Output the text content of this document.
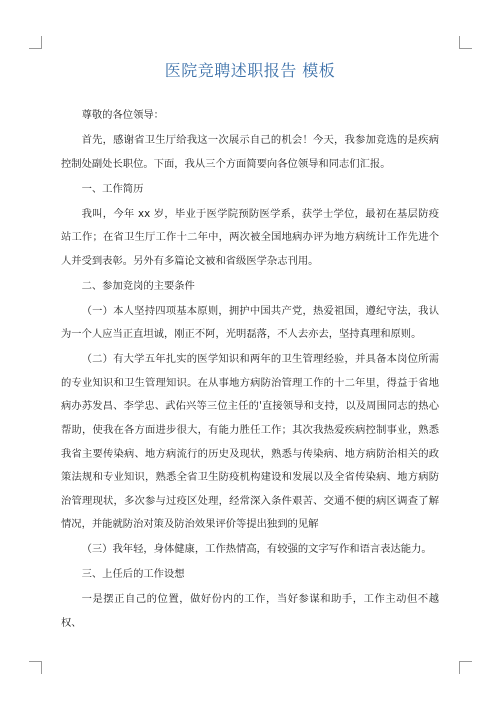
医院竞聘述职报告 模板

尊敬的各位领导：

首先，感谢省卫生厅给我这一次展示自己的机会！今天，我参加竞选的是疾病控制处副处长职位。下面，我从三个方面简要向各位领导和同志们汇报。

一、工作简历

我叫，今年 xx 岁，毕业于医学院预防医学系，获学士学位，最初在基层防疫站工作；在省卫生厅工作十二年中，两次被全国地病办评为地方病统计工作先进个人并受到表彰。另外有多篇论文被和省级医学杂志刊用。

二、参加竞岗的主要条件

（一）本人坚持四项基本原则，拥护中国共产党，热爱祖国，遵纪守法，我认为一个人应当正直坦诚，刚正不阿，光明磊落，不人去亦去，坚持真理和原则。

（二）有大学五年扎实的医学知识和两年的卫生管理经验，并具备本岗位所需的专业知识和卫生管理知识。在从事地方病防治管理工作的十二年里，得益于省地病办苏发昌、李学忠、武佑兴等三位主任的'直接领导和支持，以及周围同志的热心帮助，使我在各方面进步很大，有能力胜任工作；其次我热爱疾病控制事业，熟悉我省主要传染病、地方病流行的历史及现状，熟悉与传染病、地方病防治相关的政策法规和专业知识，熟悉全省卫生防疫机构建设和发展以及全省传染病、地方病防治管理现状，多次参与过疫区处理，经常深入条件艰苦、交通不便的病区调查了解情况，并能就防治对策及防治效果评价等提出独到的见解

（三）我年轻，身体健康，工作热情高，有较强的文字写作和语言表达能力。

三、上任后的工作设想

一是摆正自己的位置，做好份内的工作，当好参谋和助手，工作主动但不越权、
